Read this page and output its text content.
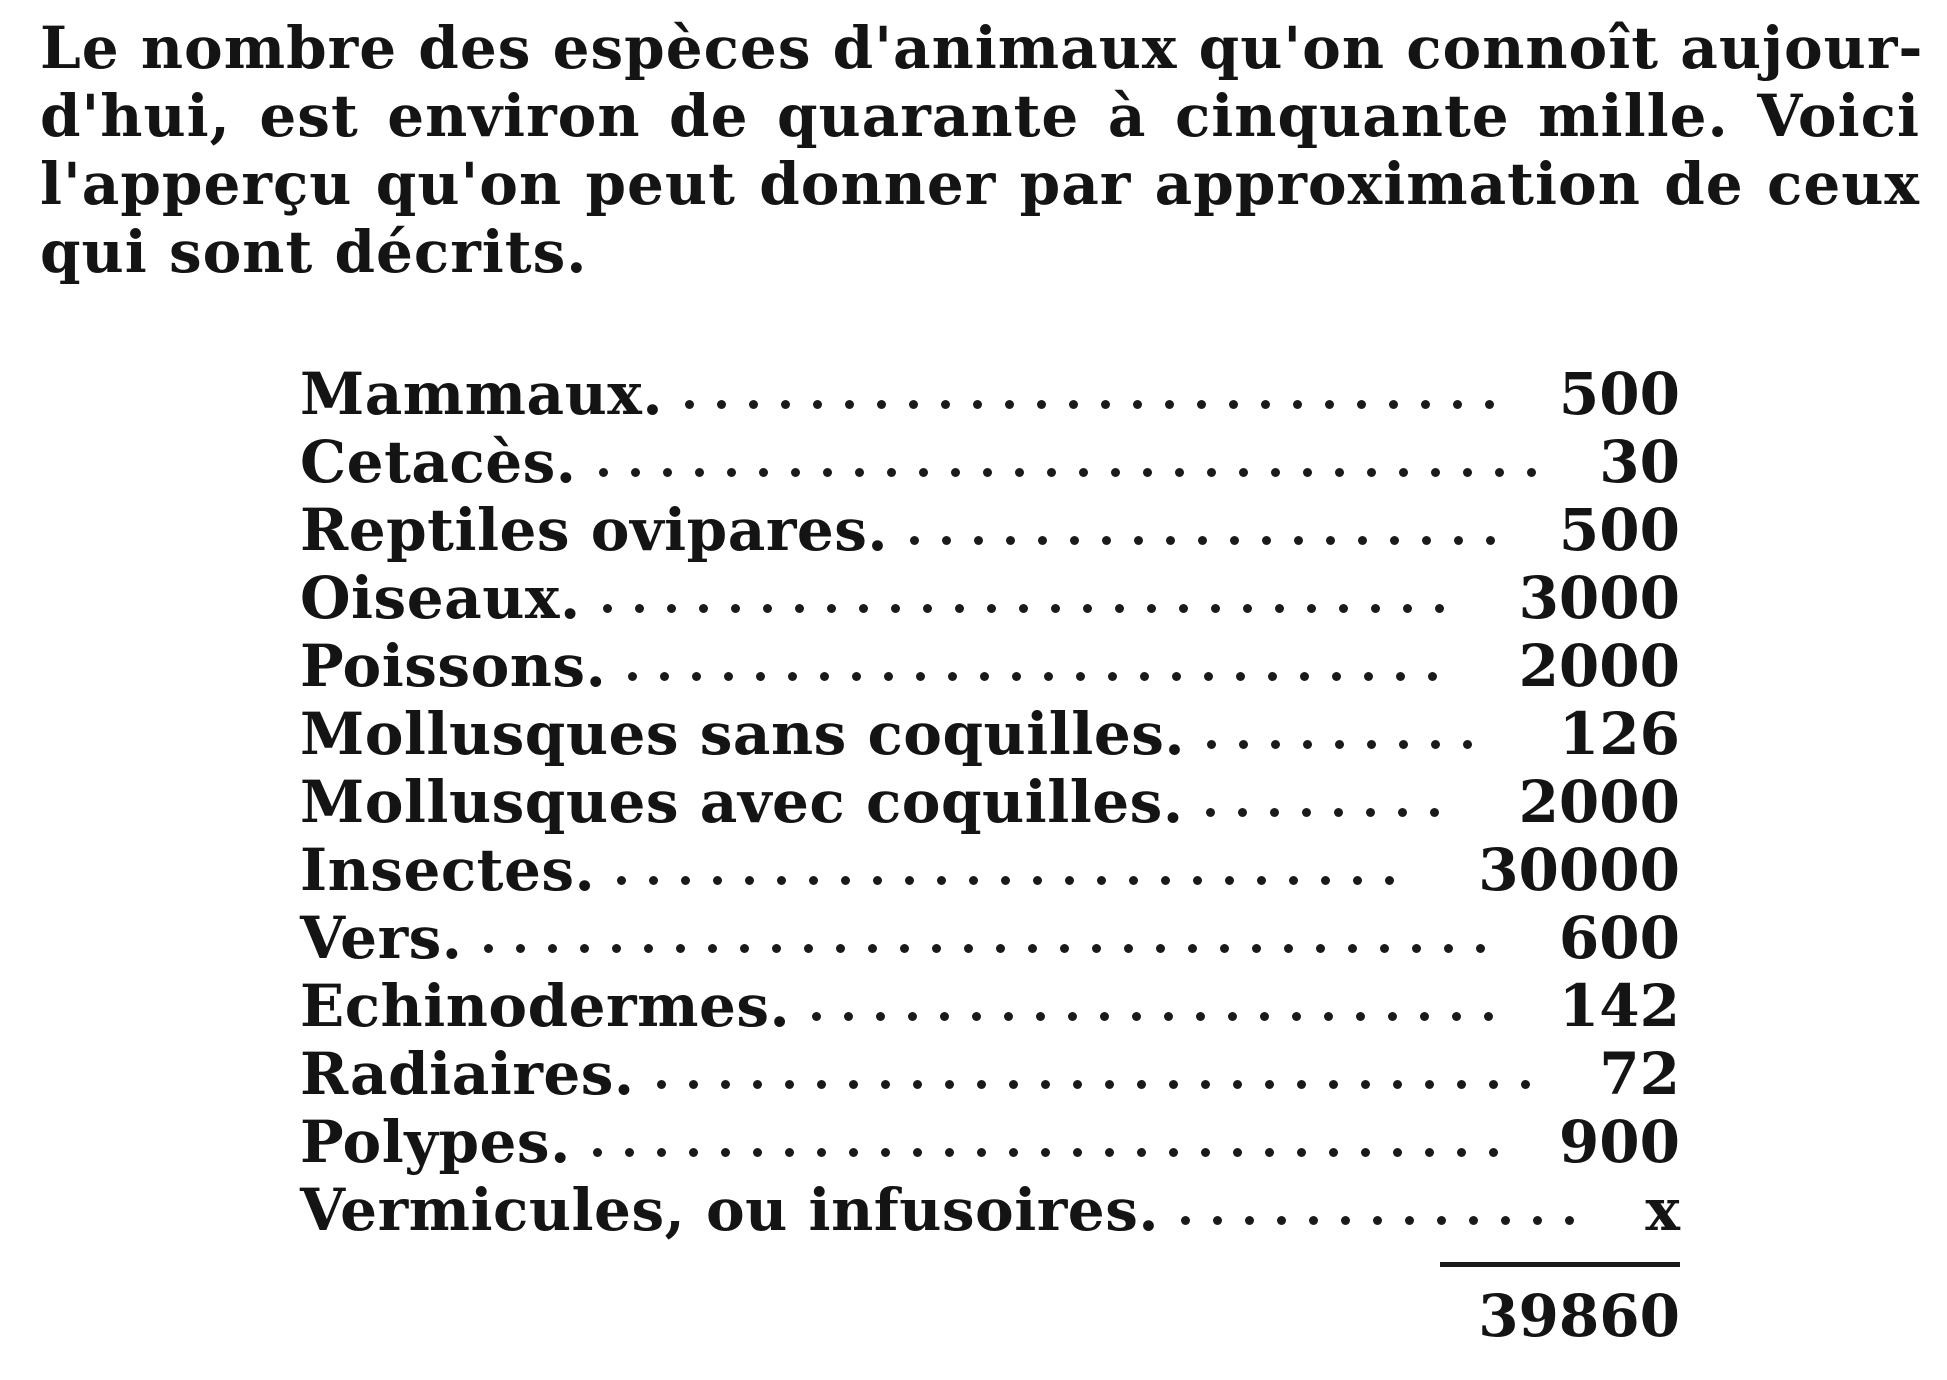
Le nombre des espèces d'animaux qu'on connoît aujour-
d'hui, est environ de quarante à cinquante mille. Voici
l'apperçu qu'on peut donner par approximation de ceux
qui sont décrits.
Mammaux.	500
Cetacès.	30
Reptiles ovipares.	500
Oiseaux.	3000
Poissons.	2000
Mollusques sans coquilles.	126
Mollusques avec coquilles.	2000
Insectes.	30000
Vers.	600
Echinodermes.	142
Radiaires.	72
Polypes.	900
Vermicules, ou infusoires.	x
39860
